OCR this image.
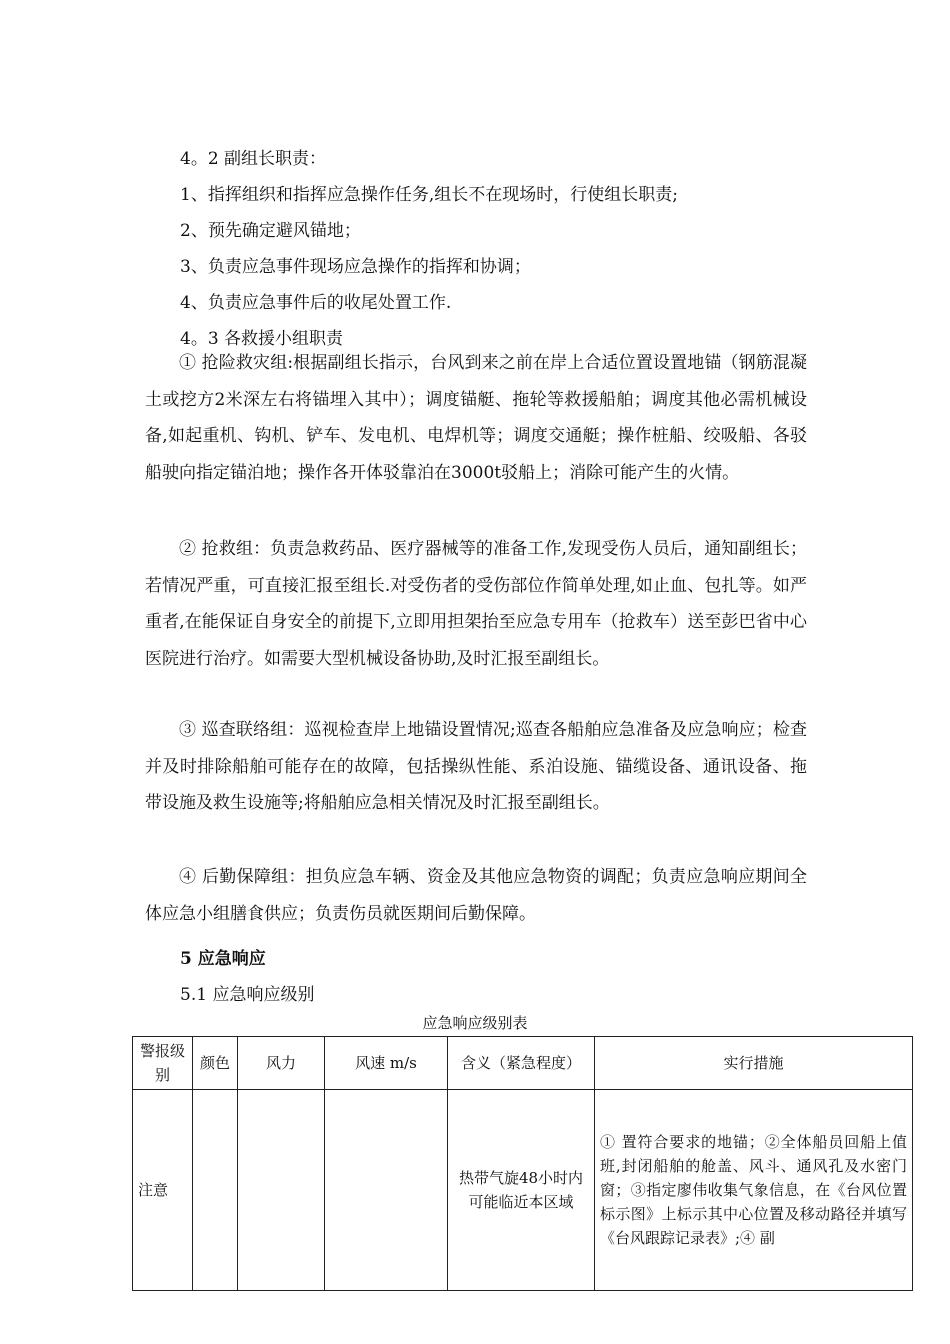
4。2 副组长职责：
1、指挥组织和指挥应急操作任务,组长不在现场时，行使组长职责;
2、预先确定避风锚地；
3、负责应急事件现场应急操作的指挥和协调；
4、负责应急事件后的收尾处置工作.
4。3 各救援小组职责

① 抢险救灾组:根据副组长指示，台风到来之前在岸上合适位置设置地锚（钢筋混凝土或挖方2米深左右将锚埋入其中）；调度锚艇、拖轮等救援船舶；调度其他必需机械设备,如起重机、钩机、铲车、发电机、电焊机等；调度交通艇；操作桩船、绞吸船、各驳船驶向指定锚泊地；操作各开体驳靠泊在3000t驳船上；消除可能产生的火情。

② 抢救组：负责急救药品、医疗器械等的准备工作,发现受伤人员后，通知副组长；若情况严重，可直接汇报至组长.对受伤者的受伤部位作简单处理,如止血、包扎等。如严重者,在能保证自身安全的前提下,立即用担架抬至应急专用车（抢救车）送至彭巴省中心医院进行治疗。如需要大型机械设备协助,及时汇报至副组长。

③ 巡查联络组：巡视检查岸上地锚设置情况;巡查各船舶应急准备及应急响应；检查并及时排除船舶可能存在的故障，包括操纵性能、系泊设施、锚缆设备、通讯设备、拖带设施及救生设施等;将船舶应急相关情况及时汇报至副组长。

④ 后勤保障组：担负应急车辆、资金及其他应急物资的调配；负责应急响应期间全体应急小组膳食供应；负责伤员就医期间后勤保障。

5 应急响应
5.1 应急响应级别
应急响应级别表
警报级别	颜色	风力	风速 m/s	含义（紧急程度）	实行措施
注意				热带气旋48小时内可能临近本区域	① 置符合要求的地锚；②全体船员回船上值班,封闭船舶的舱盖、风斗、通风孔及水密门窗；③指定廖伟收集气象信息，在《台风位置标示图》上标示其中心位置及移动路径并填写《台风跟踪记录表》;④ 副
